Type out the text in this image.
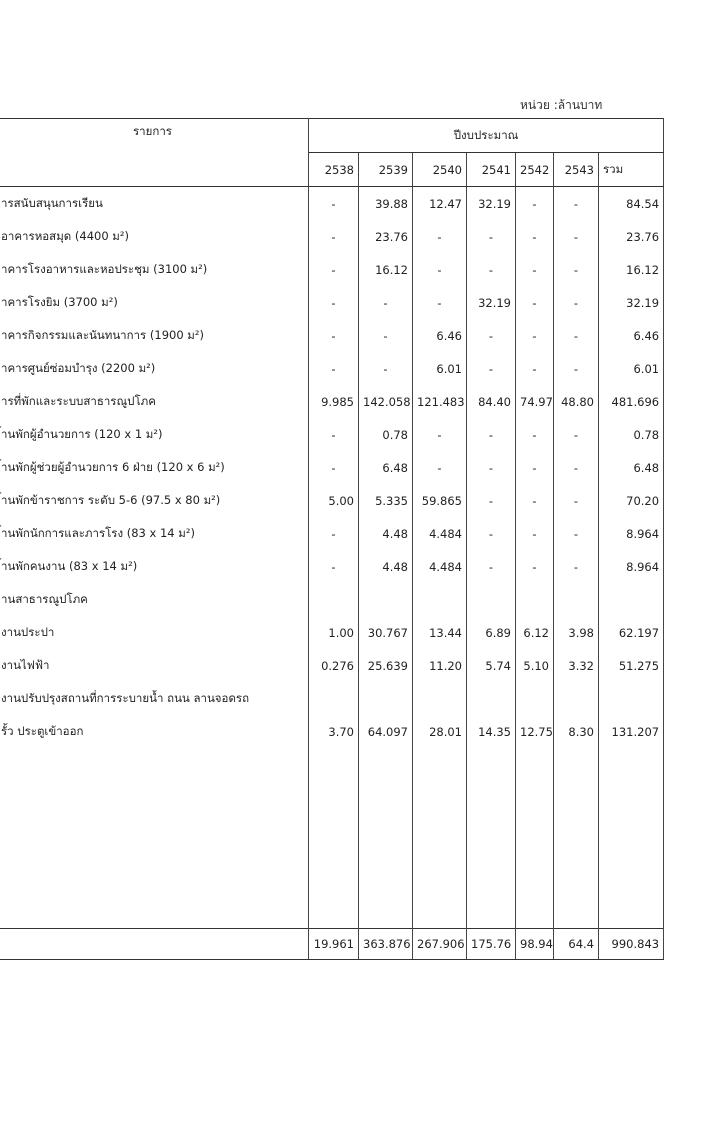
หน่วย :ล้านบาท
รายการ	ปีงบประมาณ						
	2538	2539	2540	2541	2542	2543	รวม
ารสนับสนุนการเรียน	-	39.88	12.47	32.19	-	-	84.54
อาคารหอสมุด (4400 ม²)	-	23.76	-	-	-	-	23.76
าคารโรงอาหารและหอประชุม (3100 ม²)	-	16.12	-	-	-	-	16.12
าคารโรงยิม (3700 ม²)	-	-	-	32.19	-	-	32.19
าคารกิจกรรมและนันทนาการ (1900 ม²)	-	-	6.46	-	-	-	6.46
าคารศูนย์ซ่อมบำรุง (2200 ม²)	-	-	6.01	-	-	-	6.01
ารที่พักและระบบสาธารณูปโภค	9.985	142.058	121.483	84.40	74.97	48.80	481.696
้านพักผู้อำนวยการ (120 x 1 ม²)	-	0.78	-	-	-	-	0.78
้านพักผู้ช่วยผู้อำนวยการ 6 ฝ่าย (120 x 6 ม²)	-	6.48	-	-	-	-	6.48
้านพักข้าราชการ ระดับ 5-6 (97.5 x 80 ม²)	5.00	5.335	59.865	-	-	-	70.20
้านพักนักการและภารโรง (83 x 14 ม²)	-	4.48	4.484	-	-	-	8.964
้านพักคนงาน (83 x 14 ม²)	-	4.48	4.484	-	-	-	8.964
านสาธารณูปโภค							
งานประปา	1.00	30.767	13.44	6.89	6.12	3.98	62.197
งานไฟฟ้า	0.276	25.639	11.20	5.74	5.10	3.32	51.275
งานปรับปรุงสถานที่การระบายน้ำ ถนน ลานจอดรถ							
รั้ว ประตูเข้าออก	3.70	64.097	28.01	14.35	12.75	8.30	131.207

	19.961	363.876	267.906	175.76	98.94	64.4	990.843
